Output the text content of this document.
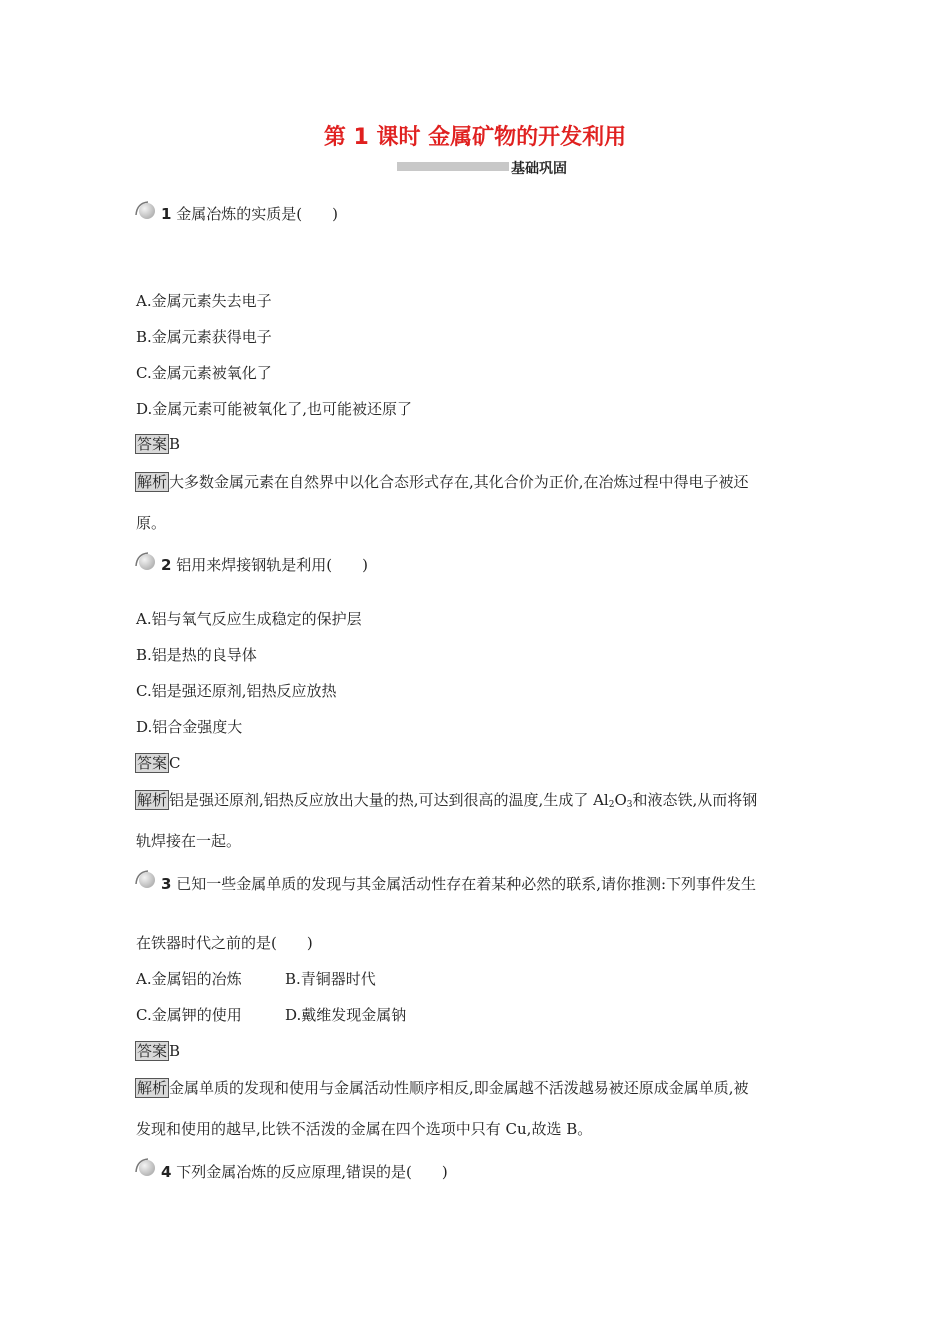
第 1 课时 金属矿物的开发利用
基础巩固
1 金属冶炼的实质是(　　)
A.金属元素失去电子
B.金属元素获得电子
C.金属元素被氧化了
D.金属元素可能被氧化了,也可能被还原了
答案 B
解析 大多数金属元素在自然界中以化合态形式存在,其化合价为正价,在冶炼过程中得电子被还
原。
2 铝用来焊接钢轨是利用(　　)
A.铝与氧气反应生成稳定的保护层
B.铝是热的良导体
C.铝是强还原剂,铝热反应放热
D.铝合金强度大
答案 C
解析 铝是强还原剂,铝热反应放出大量的热,可达到很高的温度,生成了 $Al_2O_3$和液态铁,从而将钢
轨焊接在一起。
3 已知一些金属单质的发现与其金属活动性存在着某种必然的联系,请你推测:下列事件发生
在铁器时代之前的是(　　)
A.金属铝的冶炼	B.青铜器时代
C.金属钾的使用	D.戴维发现金属钠
答案 B
解析 金属单质的发现和使用与金属活动性顺序相反,即金属越不活泼越易被还原成金属单质,被
发现和使用的越早,比铁不活泼的金属在四个选项中只有 Cu,故选 B。
4 下列金属冶炼的反应原理,错误的是(　　)
